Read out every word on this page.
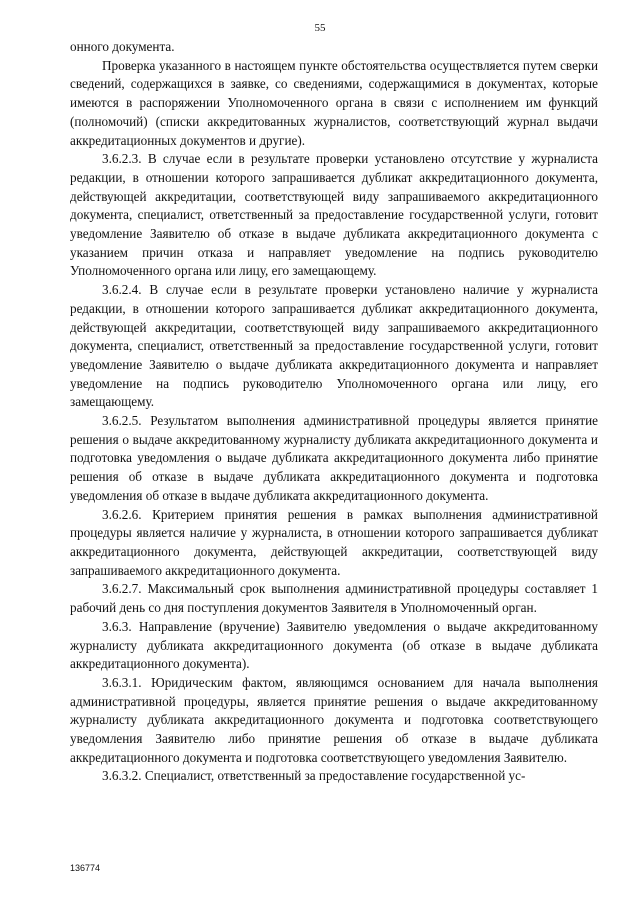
55

онного документа.

Проверка указанного в настоящем пункте обстоятельства осуществляется путем сверки сведений, содержащихся в заявке, со сведениями, содержащимися в документах, которые имеются в распоряжении Уполномоченного органа в связи с исполнением им функций (полномочий) (списки аккредитованных журналистов, соответствующий журнал выдачи аккредитационных документов и другие).

3.6.2.3. В случае если в результате проверки установлено отсутствие у журналиста редакции, в отношении которого запрашивается дубликат аккредитационного документа, действующей аккредитации, соответствующей виду запрашиваемого аккредитационного документа, специалист, ответственный за предоставление государственной услуги, готовит уведомление Заявителю об отказе в выдаче дубликата аккредитационного документа с указанием причин отказа и направляет уведомление на подпись руководителю Уполномоченного органа или лицу, его замещающему.

3.6.2.4. В случае если в результате проверки установлено наличие у журналиста редакции, в отношении которого запрашивается дубликат аккредитационного документа, действующей аккредитации, соответствующей виду запрашиваемого аккредитационного документа, специалист, ответственный за предоставление государственной услуги, готовит уведомление Заявителю о выдаче дубликата аккредитационного документа и направляет уведомление на подпись руководителю Уполномоченного органа или лицу, его замещающему.

3.6.2.5. Результатом выполнения административной процедуры является принятие решения о выдаче аккредитованному журналисту дубликата аккредитационного документа и подготовка уведомления о выдаче дубликата аккредитационного документа либо принятие решения об отказе в выдаче дубликата аккредитационного документа и подготовка уведомления об отказе в выдаче дубликата аккредитационного документа.

3.6.2.6. Критерием принятия решения в рамках выполнения административной процедуры является наличие у журналиста, в отношении которого запрашивается дубликат аккредитационного документа, действующей аккредитации, соответствующей виду запрашиваемого аккредитационного документа.

3.6.2.7. Максимальный срок выполнения административной процедуры составляет 1 рабочий день со дня поступления документов Заявителя в Уполномоченный орган.

3.6.3. Направление (вручение) Заявителю уведомления о выдаче аккредитованному журналисту дубликата аккредитационного документа (об отказе в выдаче дубликата аккредитационного документа).

3.6.3.1. Юридическим фактом, являющимся основанием для начала выполнения административной процедуры, является принятие решения о выдаче аккредитованному журналисту дубликата аккредитационного документа и подготовка соответствующего уведомления Заявителю либо принятие решения об отказе в выдаче дубликата аккредитационного документа и подготовка соответствующего уведомления Заявителю.

3.6.3.2. Специалист, ответственный за предоставление государственной ус-

136774
